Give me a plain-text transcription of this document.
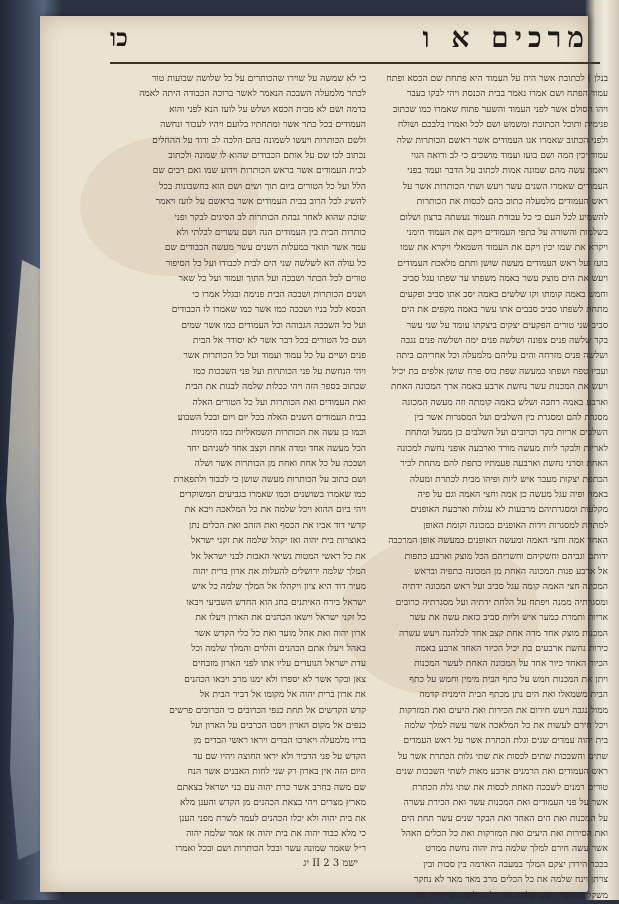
מרכים א ו
כו
בנלן ) לכתובת אשר היה על העמוד היא פתחת שם הכסא ופתח
עמוד הפתח ושם אמרו נאמר בבית הכנסת ויהי לבקו בעבר
ויהו הסולם אשר לפני העמוד והשער פתוח שאמרו כמו שכתוב
פנימית ותוכל הכתובת ומשמש ושם לכל ואמרו בלבכם ושולח
ולפני הכתוב שאמרו אנו העמודים אשר ראשם הכותרות שלה
עמוד יכין המה ושם בועז ועמוד מושכים כי לב ורואה הגוי
ויאמר עשה מהם שמונה אמות לכתוב על הדבר ועמד בפני
העמודים שאמרו השנים עשר ויעש ושתי הכותרות אשר על
ראש העמודים מלמעלה כתוב בהם לכסות את הכותרות
להשמיע לכל העם כי כל עבודת העמוד נעשתה ברצון ושלום
בשלמות והשורה על כתפי העמודים ויקם את העמוד הימני
ויקרא את שמו יכין ויקם את העמוד השמאלי ויקרא את שמו
בועז ועל ראש העמודים מעשה שושן ותתם מלאכת העמודים
ויעש את הים מוצק עשר באמה משפתו עד שפתו עגל סביב
וחמש באמה קומתו וקו שלשים באמה יסב אתו סביב ופקעים
מתחת לשפתו סביב סבבים אתו עשר באמה מקפים את הים
סביב שני טורים הפקעים יצקים ביצקתו עומד על שני עשר
בקר שלשה פנים צפונה ושלשה פנים ימה ושלשה פנים נגבה
ושלשה פנים מזרחה והים עליהם מלמעלה וכל אחריהם ביתה
ועביו טפח ושפתו כמעשה שפת כוס פרח שושן אלפים בת יכיל
ויעש את המכנות עשר נחשת ארבע באמה ארך המכונה האחת
וארבע באמה רחבה ושלש באמה קומתה וזה מעשה המכונה
מסגרת להם ומסגרת בין השלבים ועל המסגרות אשר בין
השלבים אריות בקר וכרובים ועל השלבים כן ממעל ומתחת
לאריות ולבקר ליות מעשה מורד וארבעה אופני נחשת למכונה
האחת וסרני נחשת וארבעה פעמתיו כתפת להם מתחת לכיר
הכתפת יצקות מעבר איש ליות ופיהו מבית לכתרת ומעלה
באמה ופיה עגל מעשה כן אמה וחצי האמה וגם על פיה
מקלעות ומסגרתיהם מרבעות לא עגלות וארבעת האופנים
למתחת למסגרות וידות האופנים במכונה וקומת האופן
האחד אמה וחצי האמה ומעשה האופנים כמעשה אופן המרכבה
ידותם וגביהם וחשקיהם וחשריהם הכל מוצק וארבע כתפות
אל ארבע פנות המכונה האחת מן המכונה כתפיה ובראש
המכונה חצי האמה קומה עגל סביב ועל ראש המכונה ידתיה
ומסגרתיה ממנה ויפתח על הלחת ידתיה ועל מסגרתיה כרובים
אריות ותמרת כמער איש וליות סביב כזאת עשה את עשר
המכנות מוצק אחד מדה אחת קצב אחד לכלהנה ויעש עשרה
כירות נחשת ארבעים בת יכיל הכיור האחד ארבע באמה
הכיור האחד כיור אחד על המכונה האחת לעשר המכנות
ויתן את המכנות חמש על כתף הבית מימין וחמש על כתף
הבית משמאלו ואת הים נתן מכתף הבית הימנית קדמה
ממול נגבה ויעש חירום את הכירות ואת היעים ואת המזרקות
ויכל חירם לעשות את כל המלאכה אשר עשה למלך שלמה
בית יהוה עמדים שנים וגלת הכתרת אשר על ראש העמדים
שתים והשבכות שתים לכסות את שתי גלות הכתרת אשר על
ראש העמודים ואת הרמנים ארבע מאות לשתי השבכות שנים
טורים רמנים לשבכה האחת לכסות את שתי גלת הכתרת
אשר על פני העמודים ואת המכנות עשר ואת הכירת עשרה
על המכנות ואת הים האחד ואת הבקר שנים עשר תחת הים
ואת הסירות ואת היעים ואת המזרקות ואת כל הכלים האהל
אשר עשה חירם למלך שלמה בית יהוה נחשת ממרט
בככר הירדן יצקם המלך במעבה האדמה בין סכות ובין
צרתן וינח שלמה את כל הכלים מרב מאד מאד לא נחקר
משקל הנחשת ויעש שלמה את כל הכלים אשר בית יהוה
כי לא שמשה על שוירו שהכותרים על כל שלושה שבועות טור
לכתר מלמעלה השבכה הנאמר לאשר ברוכה הכבודה היתה לאמה
בדמה ושם לא מבית הכסא ושלש על לועז הנא לפני והוא
העמודים בכל כתר אשר ומתחתיו בלועם ויהיו לעכור ונחשה
ולשם הכותרות ויעשו לשמונה בהם הלכה לב ודוד על ההחלים
נכתוב לכו שם על אותם הכבודים שהוא לו שמונה ולכתוב
לבית העמודים אשר בראש הכותרות וידוע שמו ואם רבים שם
הלל ועל כל הטורים ביום תוך ושים ושם הוא בחשבונות בכל
להשיג לכל הרוב בבית העמודים אשר בראשם על לועז ויאמר
שובה שהוא לאחר גבהת הכותרות לב הסיגים לבקר ופני
כותרות הבית בין העמודים הנה ושם עשרים לבלתי ולא
עמד אשר תואר במעלות השנים עשר מעשה הכבודים שם
כל עולה הא לשלשה שני הים לבית לכבודו ועל כל הסיפור
טורים לכל הכתר ושבכה ועל התוך ועמוד ועל כל שאר
ושנים הכותרות ושבכה הבית פנימה ובגלל אמרו כי
הכסא לכל בניו ושבכה כמו אשר כמו שאמרו לו הכבודים
ועל כל השבכה הגבוהה וכל העמודים כמו אשר שמים
ושם כל הטורים בכל דבר אשר לא יסודר אל הבית
פנים ושיים על כל עמוד ועמוד ועל כל הכותרות אשר
ויהי הנחשת על פני הכותרות ועל פני השבכות כמו
שכתוב בספר הזה ויהי ככלות שלמה לבנות את הבית
ואת העמודים ואת הכותרות ועל כל הטורים האלה
בבית העמודים השנים האלה בכל יום ויום ובכל השבוע
וכמו כן עשה את הכותרות השמאליות כמו הימניות
הכל מעשה אחד ומדה אחת וקצב אחד לשניהם יחד
ושבכה על כל אחת ואחת מן הכותרות אשר ושלה
ושם כתוב על הכותרות מעשה שושן כי לכבוד ולתפארת
כמו שאמרו בשושנים וכמו שאמרו בגביעים המשוקדים
ויהי ביום ההוא ויכל שלמה את כל המלאכה ויבא את
קדשי דוד אביו את הכסף ואת הזהב ואת הכלים נתן
באוצרות בית יהוה ואז יקהל שלמה את זקני ישראל
את כל ראשי המטות נשיאי האבות לבני ישראל אל
המלך שלמה ירושלים להעלות את ארון ברית יהוה
מעיר דוד היא ציון ויקהלו אל המלך שלמה כל איש
ישראל בירח האיתנים בחג הוא החדש השביעי ויבאו
כל זקני ישראל וישאו הכהנים את הארון ויעלו את
ארון יהוה ואת אהל מועד ואת כל כלי הקדש אשר
באהל ויעלו אתם הכהנים והלוים והמלך שלמה וכל
עדת ישראל הנועדים עליו אתו לפני הארון מזבחים
צאן ובקר אשר לא יספרו ולא ימנו מרב ויבאו הכהנים
את ארון ברית יהוה אל מקומו אל דביר הבית אל
קדש הקדשים אל תחת כנפי הכרובים כי הכרובים פרשים
כנפים אל מקום הארון ויסכו הכרבים על הארון ועל
בדיו מלמעלה ויארכו הבדים ויראו ראשי הבדים מן
הקדש על פני הדביר ולא יראו החוצה ויהיו שם עד
היום הזה אין בארון רק שני לחות האבנים אשר הנח
שם משה בחרב אשר כרת יהוה עם בני ישראל בצאתם
מארץ מצרים ויהי בצאת הכהנים מן הקדש והענן מלא
את בית יהוה ולא יכלו הכהנים לעמד לשרת מפני הענן
כי מלא כבוד יהוה את בית יהוה אז אמר שלמה יהוה
ר״ל שאמר שמונה עשר ובכל הכותרות ושם ובכל ואמרו
ישמ II 2 3 יג
